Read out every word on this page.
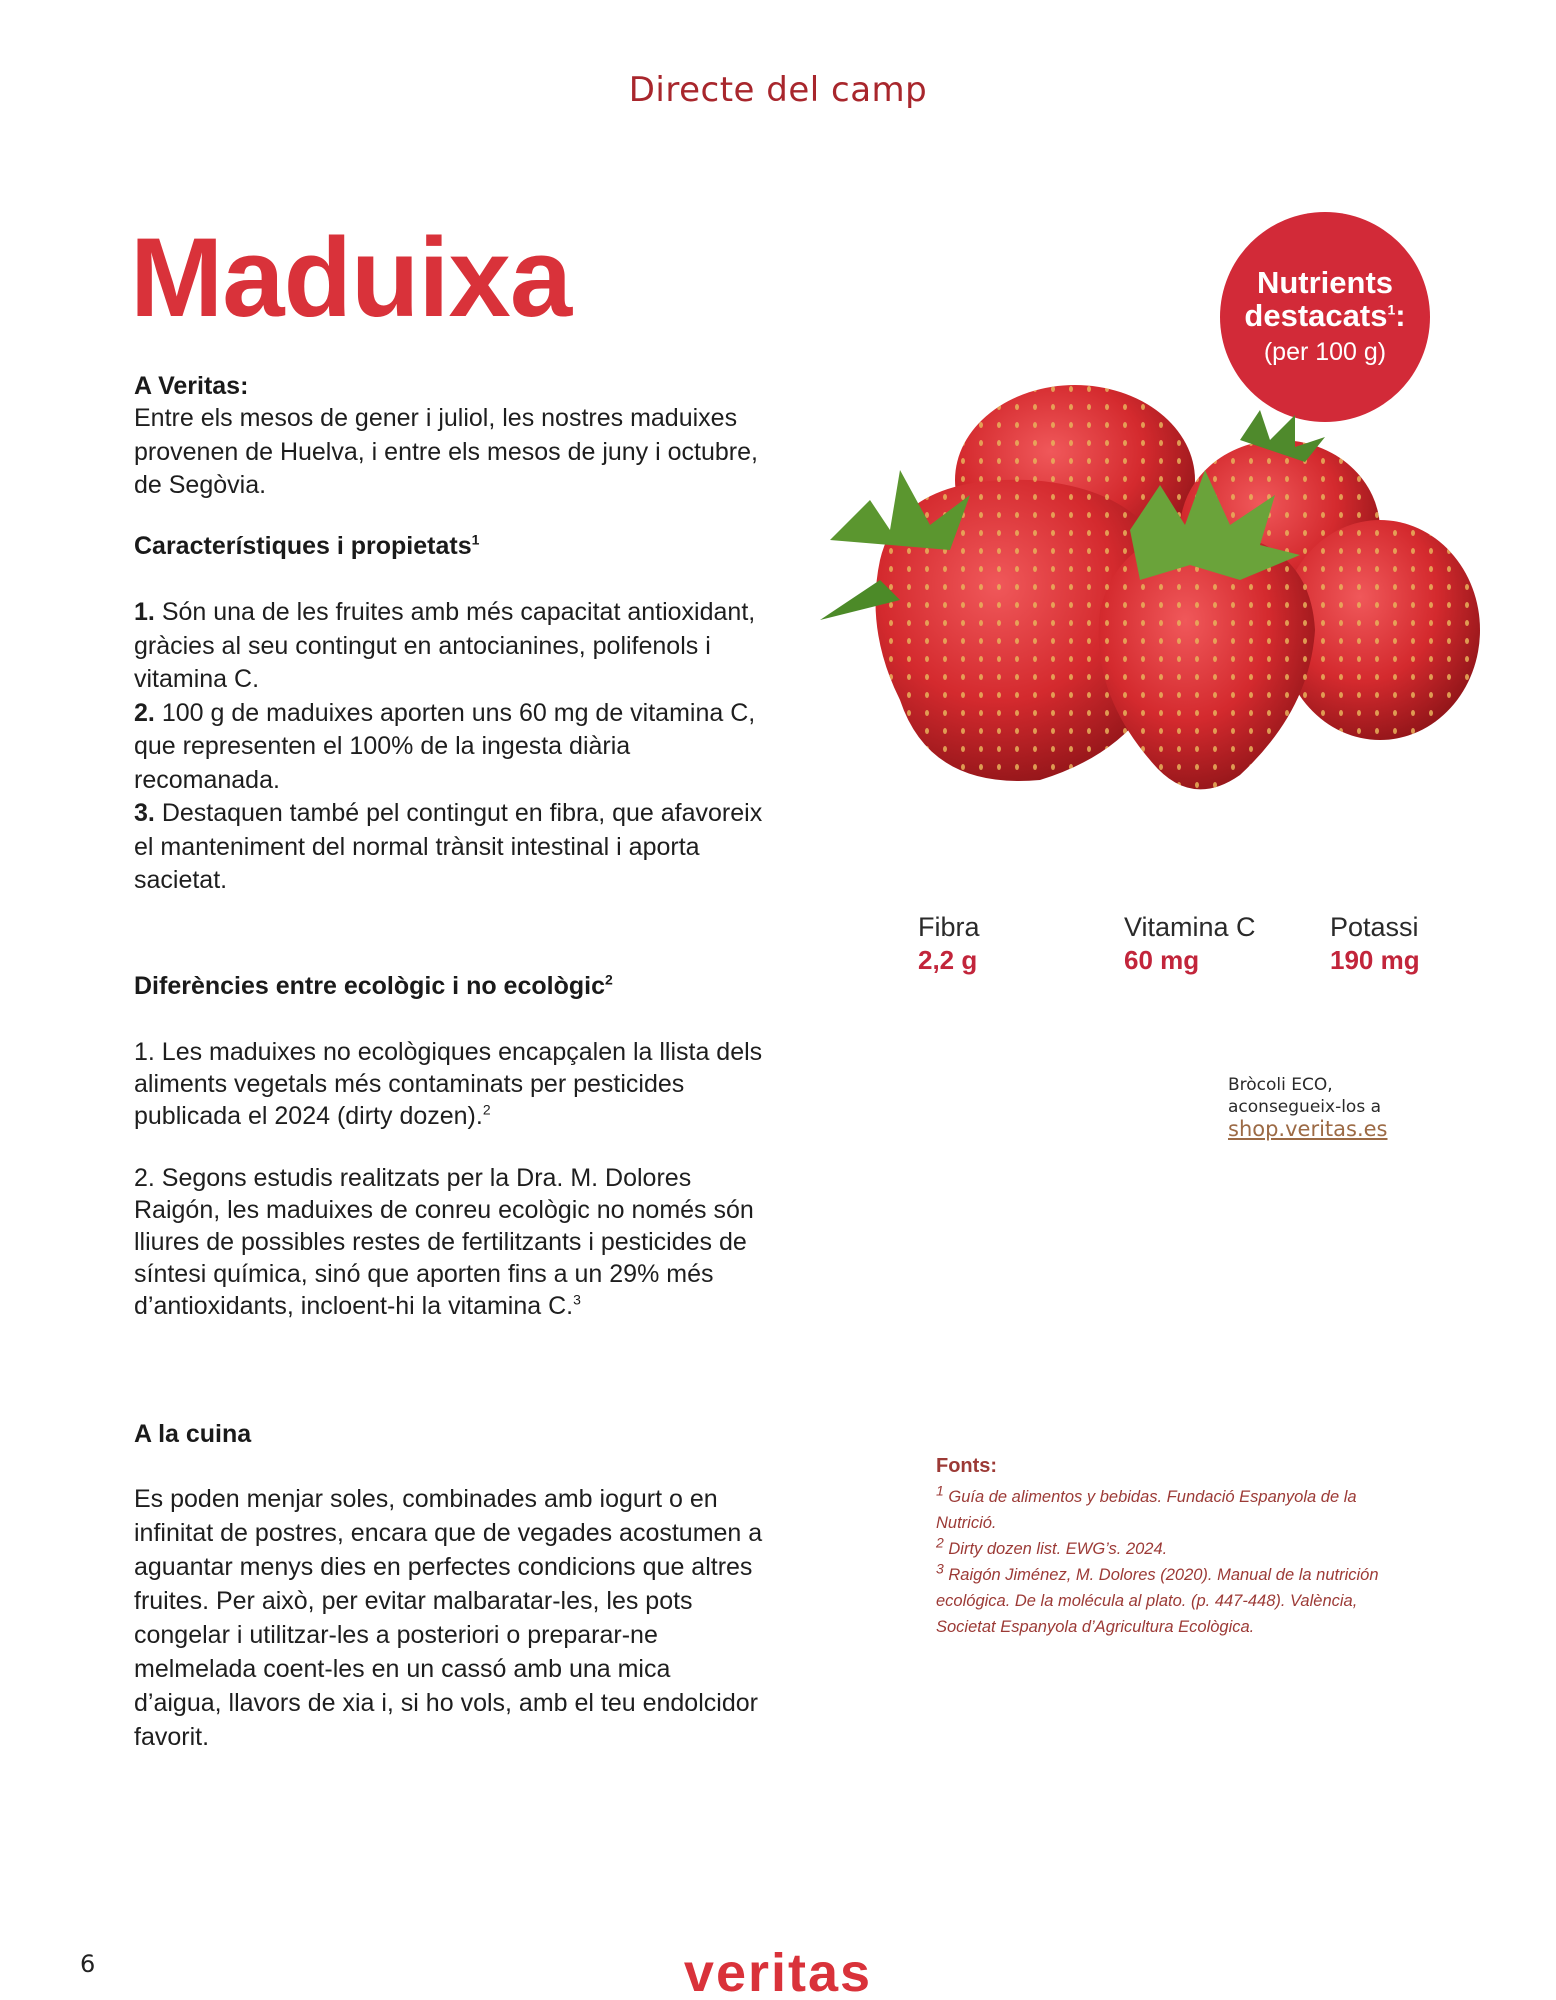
Directe del camp
Maduixa
A Veritas:
Entre els mesos de gener i juliol, les nostres maduixes provenen de Huelva, i entre els mesos de juny i octubre, de Segòvia.
Característiques i propietats$^1$

1. Són una de les fruites amb més capacitat antioxidant, gràcies al seu contingut en antocianines, polifenols i vitamina C.

2. 100 g de maduixes aporten uns 60 mg de vitamina C, que representen el 100% de la ingesta diària recomanada.

3. Destaquen també pel contingut en fibra, que afavoreix el manteniment del normal trànsit intestinal i aporta sacietat.

Diferències entre ecològic i no ecològic$^2$
1. Les maduixes no ecològiques encapçalen la llista dels aliments vegetals més contaminats per pesticides publicada el 2024 (dirty dozen).$^2$
2. Segons estudis realitzats per la Dra. M. Dolores Raigón, les maduixes de conreu ecològic no només són lliures de possibles restes de fertilitzants i pesticides de síntesi química, sinó que aporten fins a un 29% més d’antioxidants, incloent-hi la vitamina C.$^3$
A la cuina
Es poden menjar soles, combinades amb iogurt o en infinitat de postres, encara que de vegades acostumen a aguantar menys dies en perfectes condicions que altres fruites. Per això, per evitar malbaratar-les, les pots congelar i utilitzar-les a posteriori o preparar-ne melmelada coent-les en un cassó amb una mica d’aigua, llavors de xia i, si ho vols, amb el teu endolcidor favorit.
Nutrients
destacats$^1$:
(per 100 g)
Fibra
2,2 g
Vitamina C
60 mg
Potassi
190 mg
Bròcoli ECO,
aconsegueix-los a
shop.veritas.es
Fonts:

$^1$ Guía de alimentos y bebidas. Fundació Espanyola de la Nutrició.

$^2$ Dirty dozen list. EWG’s. 2024.

$^3$ Raigón Jiménez, M. Dolores (2020). Manual de la nutrición ecológica. De la molécula al plato. (p. 447-448). València, Societat Espanyola d’Agricultura Ecològica.

6	veritas
